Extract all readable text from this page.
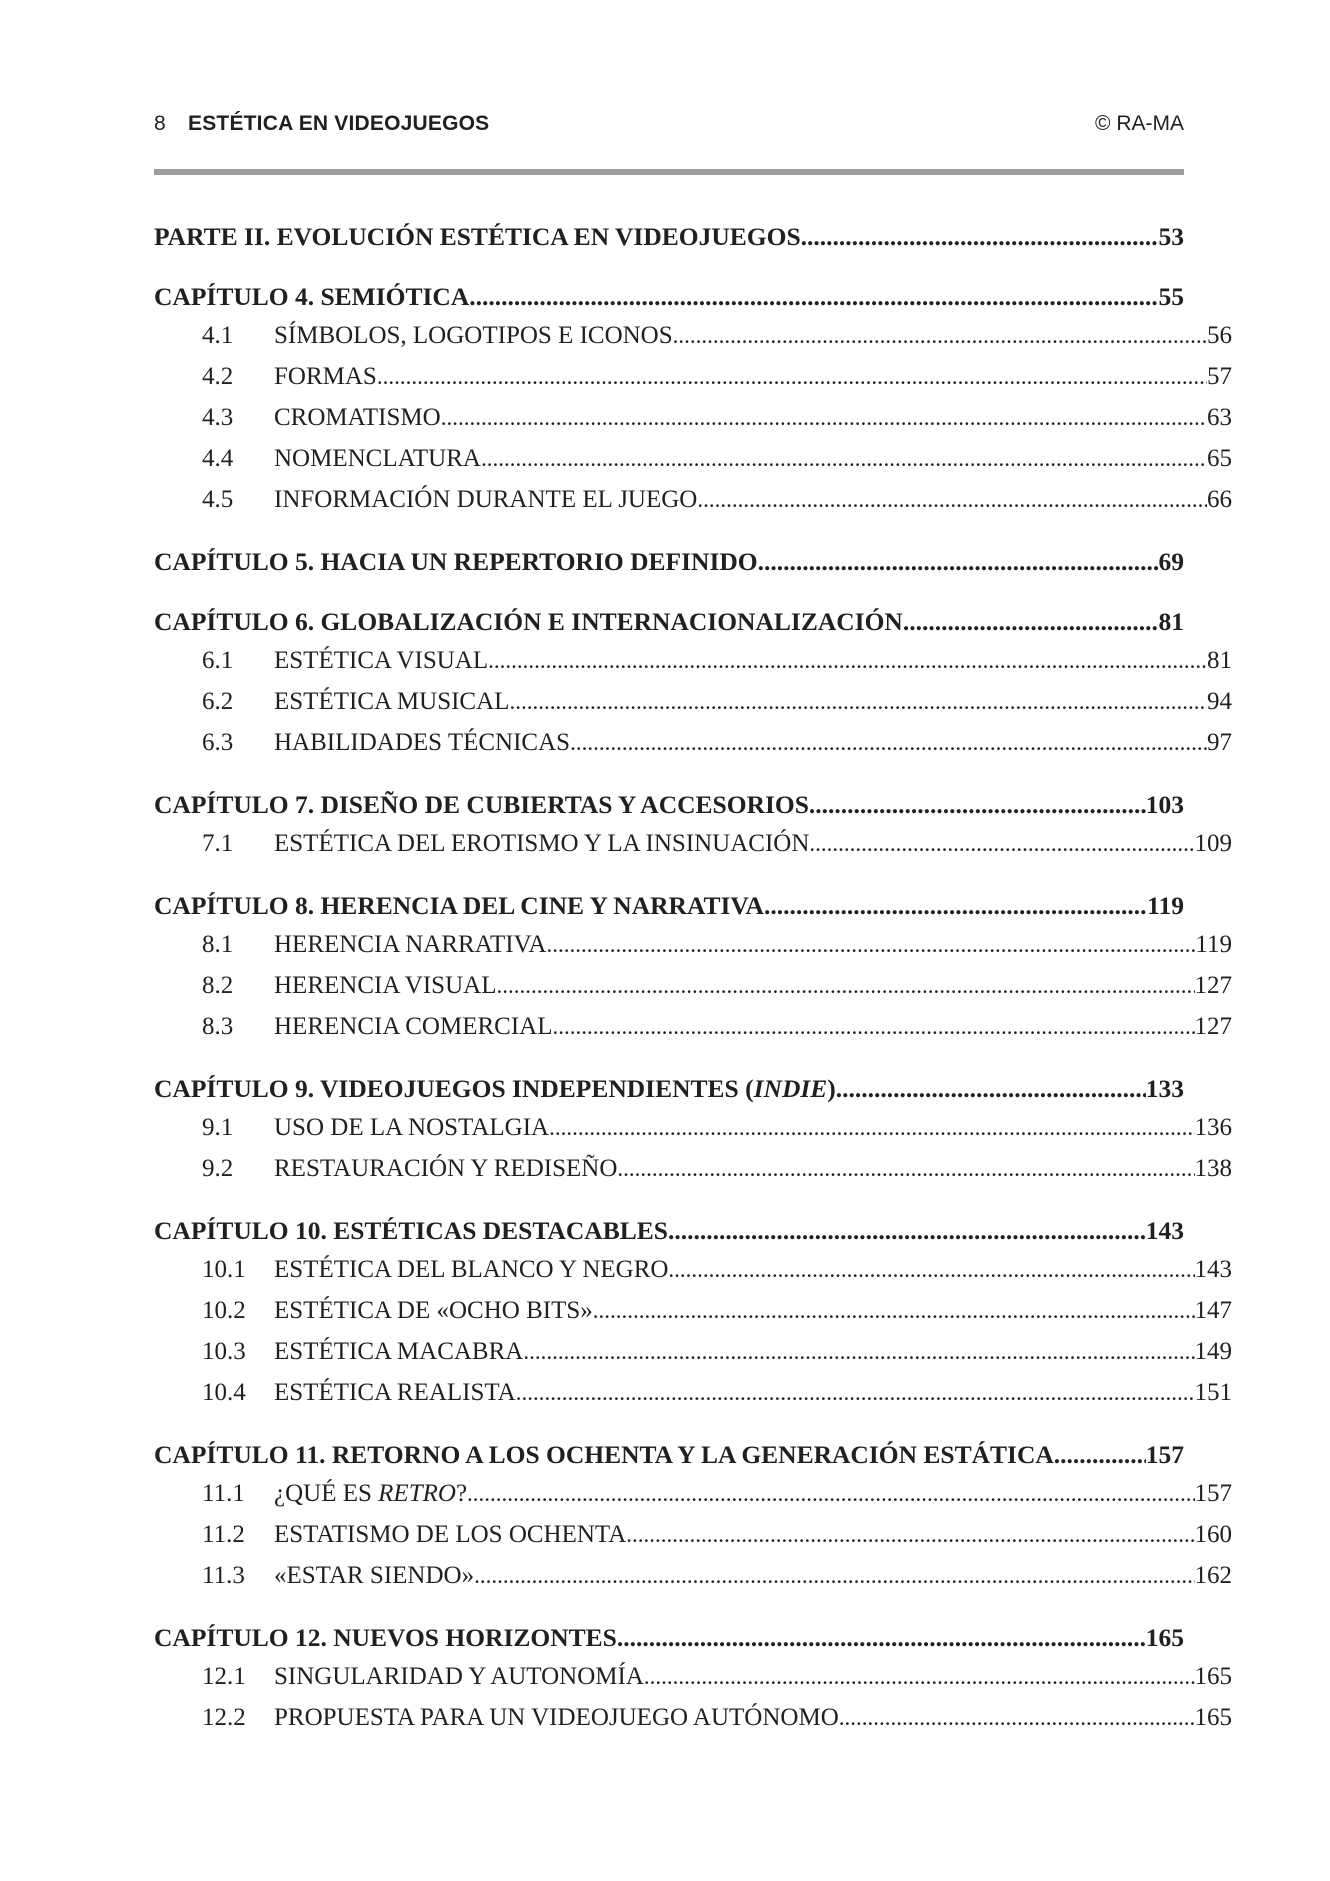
8 ESTÉTICA EN VIDEOJUEGOS	© RA-MA
PARTE II. EVOLUCIÓN ESTÉTICA EN VIDEOJUEGOS .....	53
CAPÍTULO 4. SEMIÓTICA .....	55
4.1	SÍMBOLOS, LOGOTIPOS E ICONOS .....	56
4.2	FORMAS .....	57
4.3	CROMATISMO .....	63
4.4	NOMENCLATURA .....	65
4.5	INFORMACIÓN DURANTE EL JUEGO .....	66
CAPÍTULO 5. HACIA UN REPERTORIO DEFINIDO .....	69
CAPÍTULO 6. GLOBALIZACIÓN E INTERNACIONALIZACIÓN .....	81
6.1	ESTÉTICA VISUAL .....	81
6.2	ESTÉTICA MUSICAL .....	94
6.3	HABILIDADES TÉCNICAS .....	97
CAPÍTULO 7. DISEÑO DE CUBIERTAS Y ACCESORIOS .....	103
7.1	ESTÉTICA DEL EROTISMO Y LA INSINUACIÓN .....	109
CAPÍTULO 8. HERENCIA DEL CINE Y NARRATIVA .....	119
8.1	HERENCIA NARRATIVA .....	119
8.2	HERENCIA VISUAL .....	127
8.3	HERENCIA COMERCIAL .....	127
CAPÍTULO 9. VIDEOJUEGOS INDEPENDIENTES (INDIE) .....	133
9.1	USO DE LA NOSTALGIA .....	136
9.2	RESTAURACIÓN Y REDISEÑO .....	138
CAPÍTULO 10. ESTÉTICAS DESTACABLES .....	143
10.1	ESTÉTICA DEL BLANCO Y NEGRO .....	143
10.2	ESTÉTICA DE «OCHO BITS» .....	147
10.3	ESTÉTICA MACABRA .....	149
10.4	ESTÉTICA REALISTA .....	151
CAPÍTULO 11. RETORNO A LOS OCHENTA Y LA GENERACIÓN ESTÁTICA .....	157
11.1	¿QUÉ ES RETRO? .....	157
11.2	ESTATISMO DE LOS OCHENTA .....	160
11.3	«ESTAR SIENDO» .....	162
CAPÍTULO 12. NUEVOS HORIZONTES .....	165
12.1	SINGULARIDAD Y AUTONOMÍA .....	165
12.2	PROPUESTA PARA UN VIDEOJUEGO AUTÓNOMO .....	165
